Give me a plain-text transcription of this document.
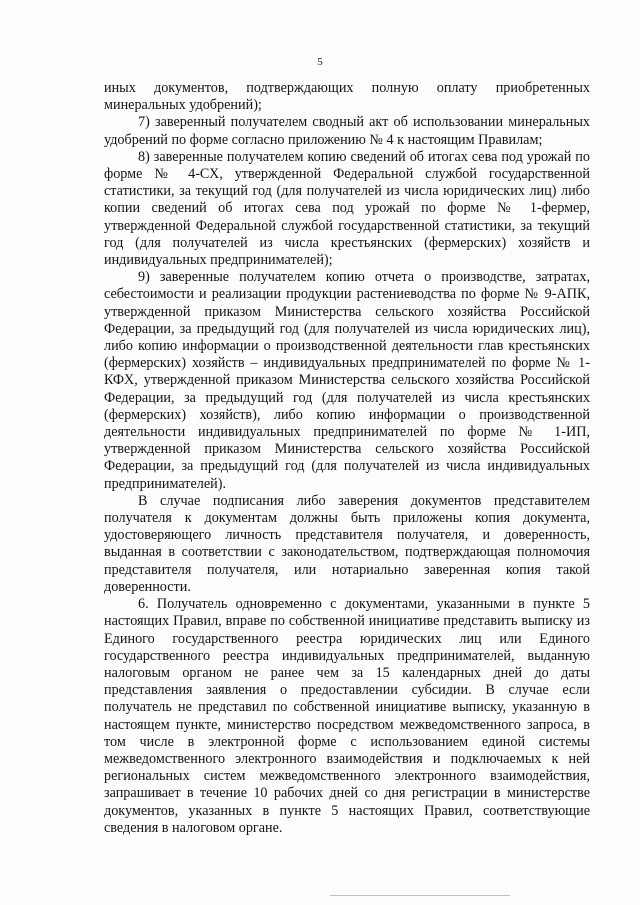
5

иных документов, подтверждающих полную оплату приобретенных минеральных удобрений);

7) заверенный получателем сводный акт об использовании минеральных удобрений по форме согласно приложению № 4 к настоящим Правилам;

8) заверенные получателем копию сведений об итогах сева под урожай по форме № 4-СХ, утвержденной Федеральной службой государственной статистики, за текущий год (для получателей из числа юридических лиц) либо копии сведений об итогах сева под урожай по форме № 1-фермер, утвержденной Федеральной службой государственной статистики, за текущий год (для получателей из числа крестьянских (фермерских) хозяйств и индивидуальных предпринимателей);

9) заверенные получателем копию отчета о производстве, затратах, себестоимости и реализации продукции растениеводства по форме № 9-АПК, утвержденной приказом Министерства сельского хозяйства Российской Федерации, за предыдущий год (для получателей из числа юридических лиц), либо копию информации о производственной деятельности глав крестьянских (фермерских) хозяйств – индивидуальных предпринимателей по форме № 1-КФХ, утвержденной приказом Министерства сельского хозяйства Российской Федерации, за предыдущий год (для получателей из числа крестьянских (фермерских) хозяйств), либо копию информации о производственной деятельности индивидуальных предпринимателей по форме № 1-ИП, утвержденной приказом Министерства сельского хозяйства Российской Федерации, за предыдущий год (для получателей из числа индивидуальных предпринимателей).

В случае подписания либо заверения документов представителем получателя к документам должны быть приложены копия документа, удостоверяющего личность представителя получателя, и доверенность, выданная в соответствии с законодательством, подтверждающая полномочия представителя получателя, или нотариально заверенная копия такой доверенности.

6. Получатель одновременно с документами, указанными в пункте 5 настоящих Правил, вправе по собственной инициативе представить выписку из Единого государственного реестра юридических лиц или Единого государственного реестра индивидуальных предпринимателей, выданную налоговым органом не ранее чем за 15 календарных дней до даты представления заявления о предоставлении субсидии. В случае если получатель не представил по собственной инициативе выписку, указанную в настоящем пункте, министерство посредством межведомственного запроса, в том числе в электронной форме с использованием единой системы межведомственного электронного взаимодействия и подключаемых к ней региональных систем межведомственного электронного взаимодействия, запрашивает в течение 10 рабочих дней со дня регистрации в министерстве документов, указанных в пункте 5 настоящих Правил, соответствующие сведения в налоговом органе.
